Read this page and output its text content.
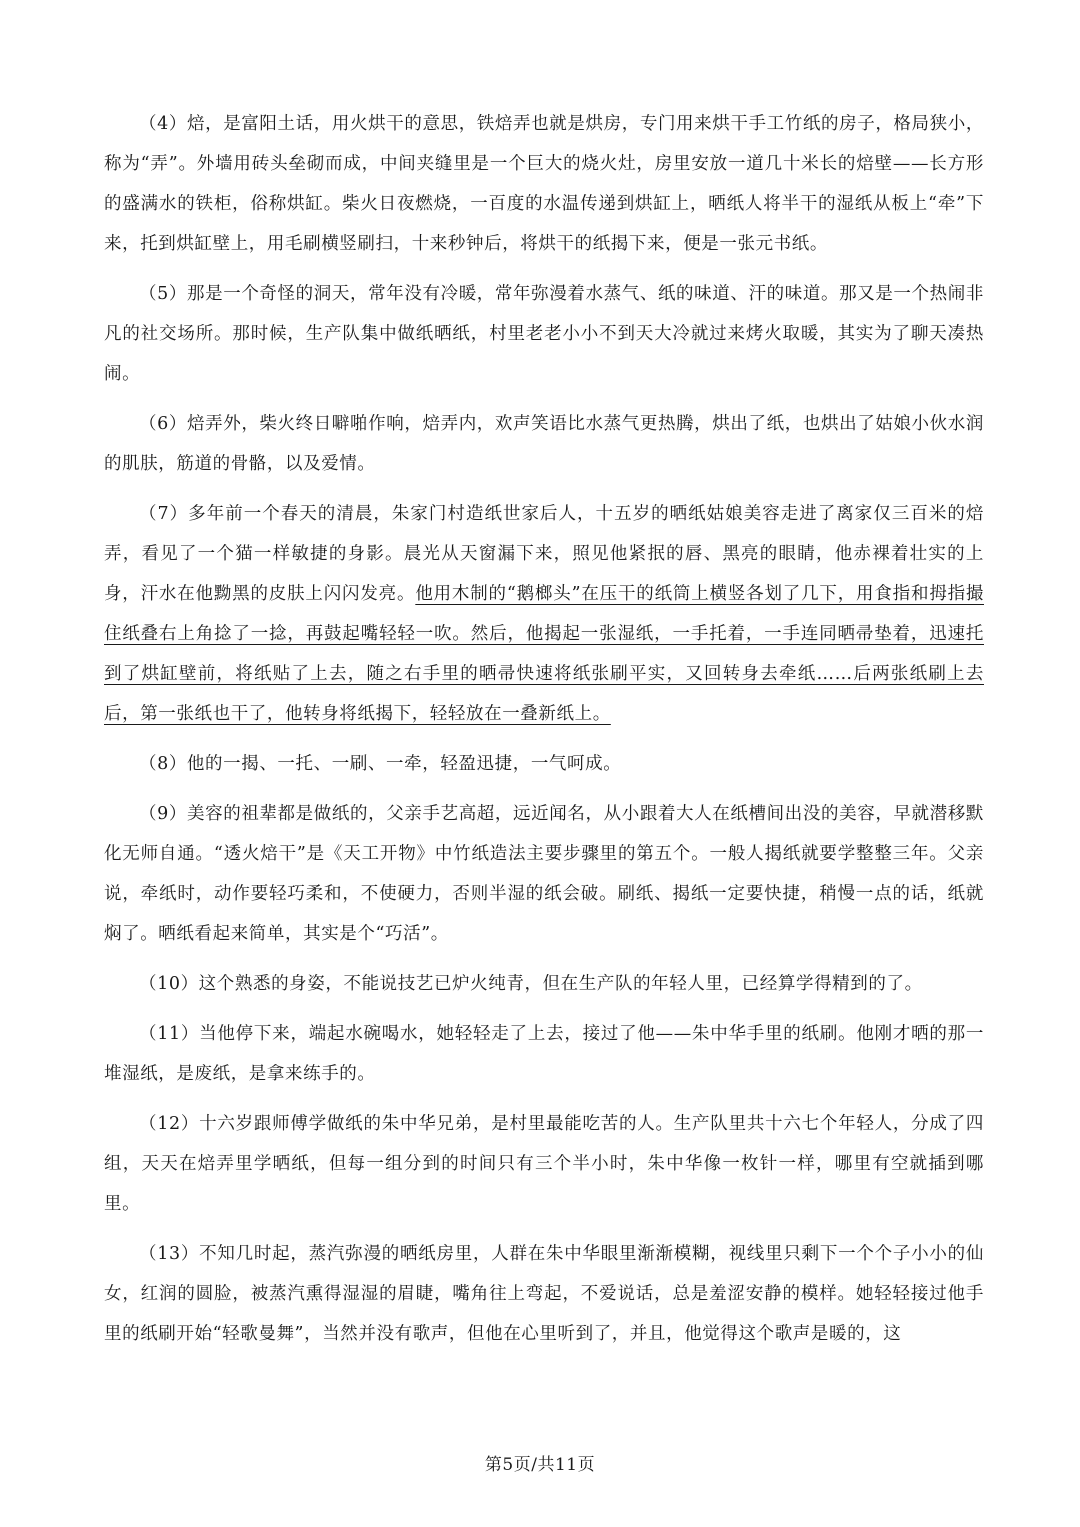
（4）焙，是富阳土话，用火烘干的意思，铁焙弄也就是烘房，专门用来烘干手工竹纸的房子，格局狭小，称为“弄”。外墙用砖头垒砌而成，中间夹缝里是一个巨大的烧火灶，房里安放一道几十米长的焙壁——长方形的盛满水的铁柜，俗称烘缸。柴火日夜燃烧，一百度的水温传递到烘缸上，晒纸人将半干的湿纸从板上“牵”下来，托到烘缸壁上，用毛刷横竖刷扫，十来秒钟后，将烘干的纸揭下来，便是一张元书纸。

（5）那是一个奇怪的洞天，常年没有冷暖，常年弥漫着水蒸气、纸的味道、汗的味道。那又是一个热闹非凡的社交场所。那时候，生产队集中做纸晒纸，村里老老小小不到天大冷就过来烤火取暖，其实为了聊天凑热闹。

（6）焙弄外，柴火终日噼啪作响，焙弄内，欢声笑语比水蒸气更热腾，烘出了纸，也烘出了姑娘小伙水润的肌肤，筋道的骨骼，以及爱情。

（7）多年前一个春天的清晨，朱家门村造纸世家后人，十五岁的晒纸姑娘美容走进了离家仅三百米的焙弄，看见了一个猫一样敏捷的身影。晨光从天窗漏下来，照见他紧抿的唇、黑亮的眼睛，他赤裸着壮实的上身，汗水在他黝黑的皮肤上闪闪发亮。他用木制的“鹅榔头”在压干的纸筒上横竖各划了几下，用食指和拇指撮住纸叠右上角捻了一捻，再鼓起嘴轻轻一吹。然后，他揭起一张湿纸，一手托着，一手连同晒帚垫着，迅速托到了烘缸壁前，将纸贴了上去，随之右手里的晒帚快速将纸张刷平实，又回转身去牵纸……后两张纸刷上去后，第一张纸也干了，他转身将纸揭下，轻轻放在一叠新纸上。

（8）他的一揭、一托、一刷、一牵，轻盈迅捷，一气呵成。

（9）美容的祖辈都是做纸的，父亲手艺高超，远近闻名，从小跟着大人在纸槽间出没的美容，早就潜移默化无师自通。“透火焙干”是《天工开物》中竹纸造法主要步骤里的第五个。一般人揭纸就要学整整三年。父亲说，牵纸时，动作要轻巧柔和，不使硬力，否则半湿的纸会破。刷纸、揭纸一定要快捷，稍慢一点的话，纸就焖了。晒纸看起来简单，其实是个“巧活”。

（10）这个熟悉的身姿，不能说技艺已炉火纯青，但在生产队的年轻人里，已经算学得精到的了。

（11）当他停下来，端起水碗喝水，她轻轻走了上去，接过了他——朱中华手里的纸刷。他刚才晒的那一堆湿纸，是废纸，是拿来练手的。

（12）十六岁跟师傅学做纸的朱中华兄弟，是村里最能吃苦的人。生产队里共十六七个年轻人，分成了四组，天天在焙弄里学晒纸，但每一组分到的时间只有三个半小时，朱中华像一枚针一样，哪里有空就插到哪里。

（13）不知几时起，蒸汽弥漫的晒纸房里，人群在朱中华眼里渐渐模糊，视线里只剩下一个个子小小的仙女，红润的圆脸，被蒸汽熏得湿湿的眉睫，嘴角往上弯起，不爱说话，总是羞涩安静的模样。她轻轻接过他手里的纸刷开始“轻歌曼舞”，当然并没有歌声，但他在心里听到了，并且，他觉得这个歌声是暖的，这

第5页/共11页
